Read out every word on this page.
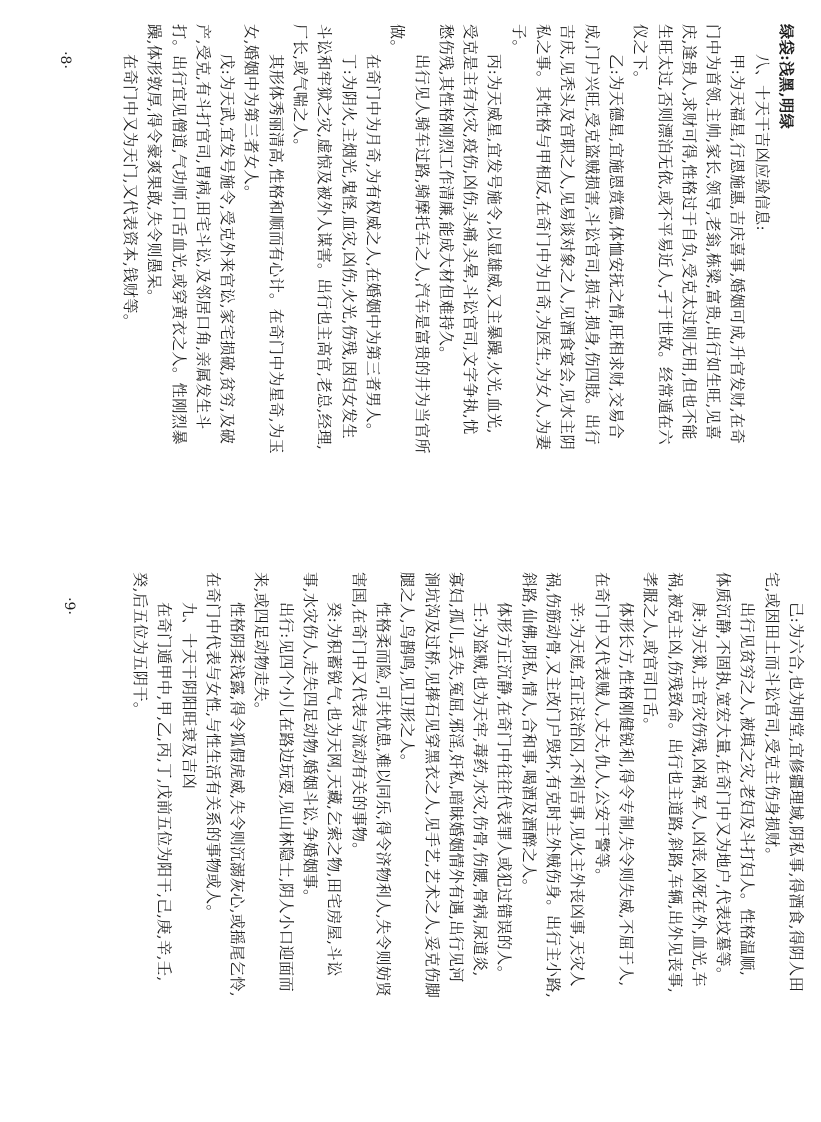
绿袋:浅黑,明绿
八、十天干吉凶应验信息:
甲:为天福星,行恩施惠,吉庆喜事,婚姻可成,升官发财,在奇
门中为首领,主帅,家长,领导,老翁,栋梁,富贵,出行如生旺,见喜
庆,逢贵人,求财可得,性格过于自负,受克太过则无用,但也不能
生旺太过,否则漂泊无依,或不平易近人,孑于世故。经常遁在六
仪之下。
乙:为天德星,宜施恩赏德,体恤安抚之情,旺相求财,交易合
成,门户兴旺,受克盗贼损害,斗讼官司,损车,损身,伤四肢。出行
吉庆,见秃头及官职之人,见易谈对象之人,见酒食宴会,见水主阴
私之事。其性格与甲相反,在奇门中为日奇,为医生,为女人,为妻
子。
丙:为天威星,宜发号施令,以显雄威,又主暴躁,火光,血光,
受克是主有水灾,疫伤,凶伤,头痛,头晕,斗讼官司,文字争执,忧
愁伤残,其性格刚烈工作清廉,能成大材但难持久。
出行见人骑车过路,骑摩托车之人,汽车是富贵的井为当官所
做。
在奇门中为月奇,为有权威之人,在婚姻中为第三者男人。
丁:为阴火,主烟光,鬼怪,血灾,凶伤,火光,伤残,因妇女发生
斗讼和牢狱之灾,虚惊及被外人谋害。出行也主高官,老总,经理,
厂长,或气喘之人。
其形体秀丽清高,性格和顺而有心计。在奇门中为星奇,为玉
女,婚姻中为第三者女人。
戊:为天武,宜发号施令,受克外来官讼,家宅损破,贫穷,及破
产,受克,有斗打官司,胃病,田宅斗讼,及邻居口角,亲属发生斗
打。出行宜见僧道,气功师,口舌血光,或穿黄衣之人。性刚烈暴
躁,体形敦厚,得令豪爽果敢,失令则愚呆。
在奇门中又为天门,又代表资本,钱财等。
己:为六合,也为明堂,宜修疆理域,阴私事,得酒食,得阴人田
宅,或因田土而斗讼官司,受克主伤身损财。
出行见贫穷之人,被填之灾,老妇及斗打妇人。性格温顺,
体质沉静,不固执,宽宏大量,在奇门中又为地户,代表坟墓等。
庚:为天狱,主官灾伤残,凶祸,军人,凶丧,凶死在外,血光,车
祸,被克主凶,伤残致命。出行也主道路,斜路,车辆,出外见丧事,
孝服之人,或官司口舌。
体形长方,性格刚健锐利,得令专制,失令则失威,不屈于人,
在奇门中又代表贼人,丈夫,仇人,公安干警等。
辛:为天庭,宜正法治囚,不利吉事,见火主外丧凶事,天灾人
祸,伤筋动骨,又主改门户毁坏,有克时主外贼伤身。出行主小路,
斜路,仙佛,阴私,情人,合和事,喝酒及酒醉之人。
体形方正沉静,在奇门中往往代表罪人或犯过错误的人。
壬:为盗贼,也为天牢,毒药,水灾,伤骨,伤腰,骨病,尿道炎,
寡妇,孤儿,丢失,冤屈,邪淫,奸私,暗昧婚姻情外有遇,出行见河
涧坑沟及过桥,见捧石见穿黑衣之人,见手艺,艺术之人,妥克伤脚
腿之人,鸟鹊鸣,见卫形之人。
性格柔而险,可共忧患,难以同乐,得令济物利人,失令则妨贤
害国,在奇门中又代表与流动有关的事物。
癸:为积蓄锐气,也为天网,天藏,乞索之物,田宅房屋,斗讼
事,水灾伤人,走失四足动物,婚姻斗讼,争婚姻事。
出行:见四个小儿在路边玩耍,见山林隐士,阴人小口迎面而
来,或四足动物走失。
性格阴柔浅露,得令狐假虎威,失令则沉溺灰心,或摇尾乞怜,
在奇门中代表与女性,与性生活有关系的事物或人。
九、十天干阴阳旺衰及吉凶
在奇门遁甲中,甲,乙,丙,丁,戊前五位为阳干,己,庚,辛,壬,
癸,后五位为五阴干。
·8·
·9·
